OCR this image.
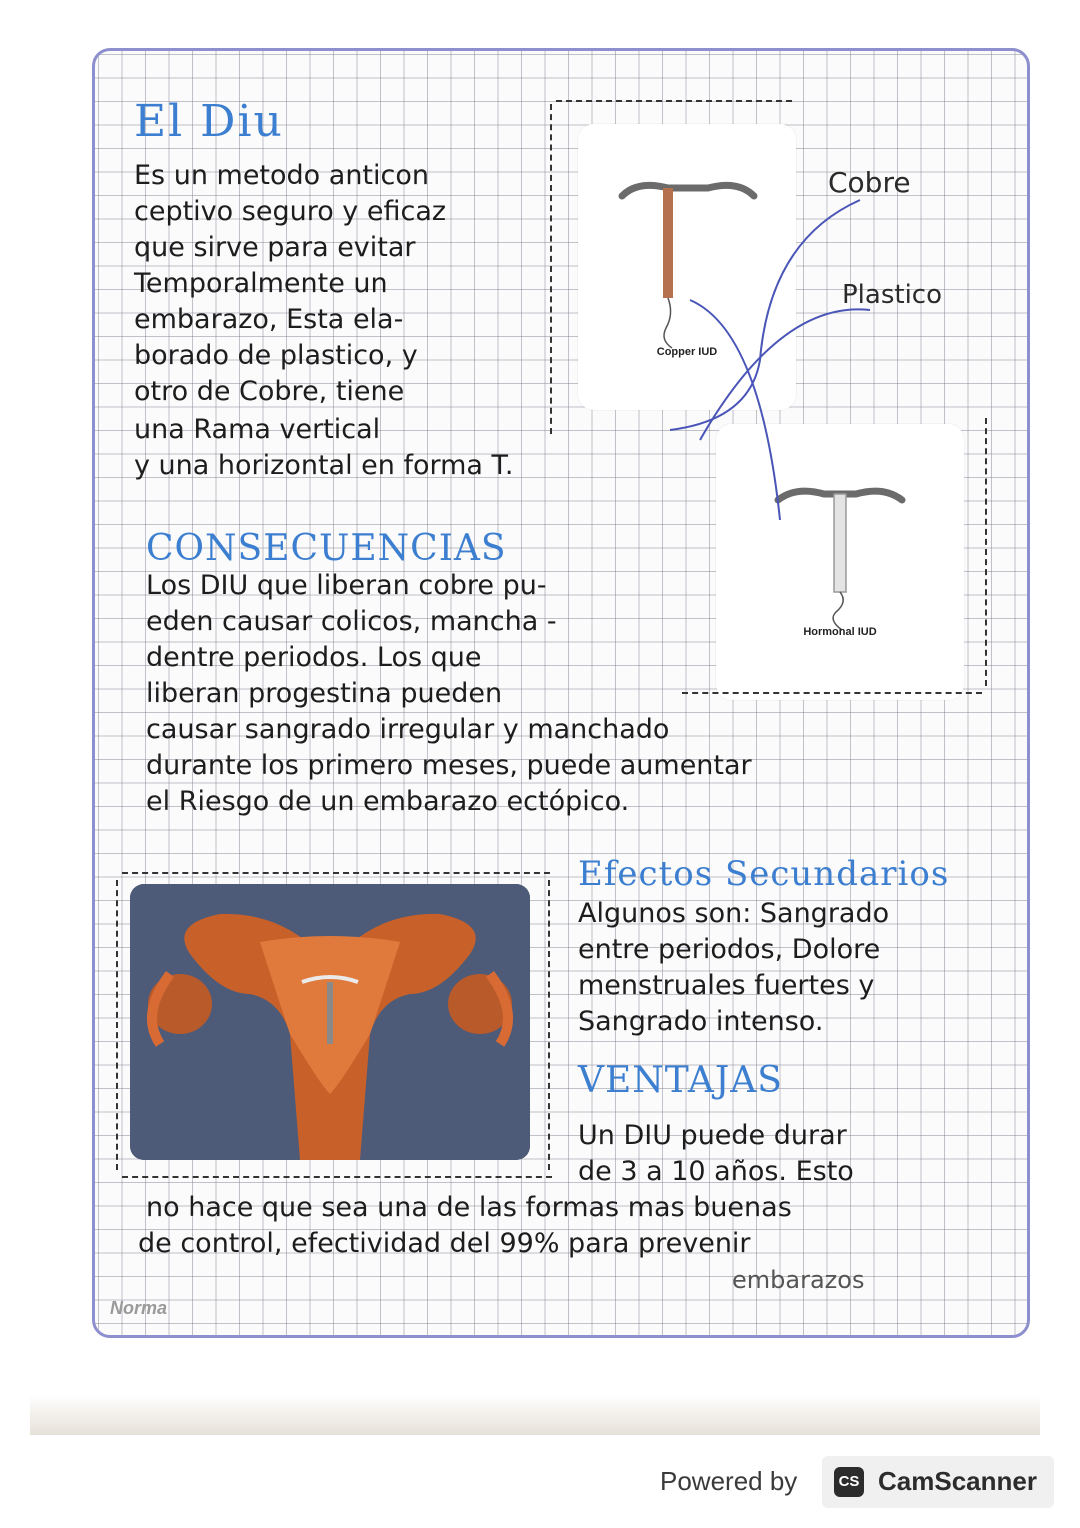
El Diu
Es un metodo anticon
ceptivo seguro y eficaz
que sirve para evitar
Temporalmente un
embarazo, Esta ela-
borado de plastico, y
otro de Cobre, tiene
una Rama vertical
y una horizontal en forma T.
Copper IUD
Hormonal IUD
Cobre
Plastico
CONSECUENCIAS
Los DIU que liberan cobre pu-
eden causar colicos, mancha -
dentre periodos. Los que
liberan progestina pueden
causar sangrado irregular y manchado
durante los primero meses, puede aumentar
el Riesgo de un embarazo ectópico.
Efectos Secundarios
Algunos son: Sangrado
entre periodos, Dolore
menstruales fuertes y
Sangrado intenso.
VENTAJAS
Un DIU puede durar
de 3 a 10 años. Esto
no hace que sea una de las formas mas buenas
de control, efectividad del 99% para prevenir
embarazos
Norma
Powered by	CS CamScanner
